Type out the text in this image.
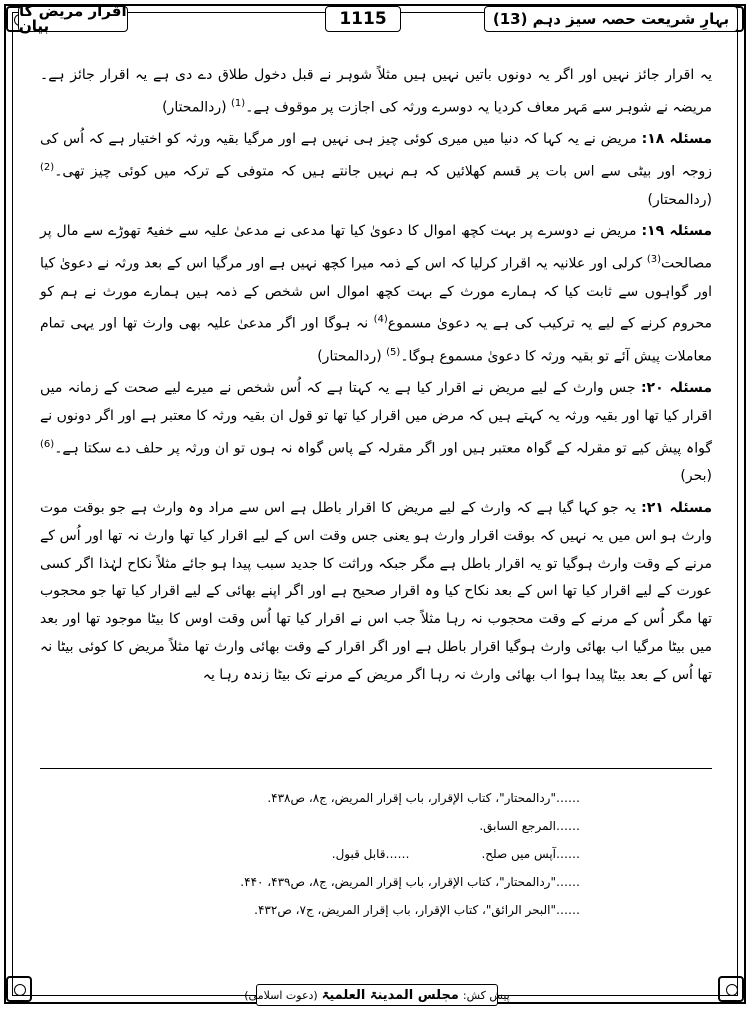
بہارِ شریعت حصہ سیز دہم (13)
1115
اقرار مریض کا بیان

یہ اقرار جائز نہیں اور اگر یہ دونوں باتیں نہیں ہیں مثلاً شوہر نے قبل دخول طلاق دے دی ہے یہ اقرار جائز ہے۔ مریضہ نے شوہر سے مَہر معاف کردیا یہ دوسرے ورثہ کی اجازت پر موقوف ہے۔$^{(1)}$ (ردالمحتار)

مسئلہ ۱۸: مریض نے یہ کہا کہ دنیا میں میری کوئی چیز ہی نہیں ہے اور مرگیا بقیہ ورثہ کو اختیار ہے کہ اُس کی زوجہ اور بیٹی سے اس بات پر قسم کھلائیں کہ ہم نہیں جانتے ہیں کہ متوفی کے ترکہ میں کوئی چیز تھی۔$^{(2)}$ (ردالمحتار)

مسئلہ ۱۹: مریض نے دوسرے پر بہت کچھ اموال کا دعویٰ کیا تھا مدعی نے مدعیٰ علیہ سے خفیۃً تھوڑے سے مال پر مصالحت$^{(3)}$ کرلی اور علانیہ یہ اقرار کرلیا کہ اس کے ذمہ میرا کچھ نہیں ہے اور مرگیا اس کے بعد ورثہ نے دعویٰ کیا اور گواہوں سے ثابت کیا کہ ہمارے مورث کے بہت کچھ اموال اس شخص کے ذمہ ہیں ہمارے مورث نے ہم کو محروم کرنے کے لیے یہ ترکیب کی ہے یہ دعویٰ مسموع$^{(4)}$ نہ ہوگا اور اگر مدعیٰ علیہ بھی وارث تھا اور یہی تمام معاملات پیش آئے تو بقیہ ورثہ کا دعویٰ مسموع ہوگا۔$^{(5)}$ (ردالمحتار)

مسئلہ ۲۰: جس وارث کے لیے مریض نے اقرار کیا ہے یہ کہتا ہے کہ اُس شخص نے میرے لیے صحت کے زمانہ میں اقرار کیا تھا اور بقیہ ورثہ یہ کہتے ہیں کہ مرض میں اقرار کیا تھا تو قول ان بقیہ ورثہ کا معتبر ہے اور اگر دونوں نے گواہ پیش کیے تو مقرلہ کے گواہ معتبر ہیں اور اگر مقرلہ کے پاس گواہ نہ ہوں تو ان ورثہ پر حلف دے سکتا ہے۔$^{(6)}$ (بحر)

مسئلہ ۲۱: یہ جو کہا گیا ہے کہ وارث کے لیے مریض کا اقرار باطل ہے اس سے مراد وہ وارث ہے جو بوقت موت وارث ہو اس میں یہ نہیں کہ بوقت اقرار وارث ہو یعنی جس وقت اس کے لیے اقرار کیا تھا وارث نہ تھا اور اُس کے مرنے کے وقت وارث ہوگیا تو یہ اقرار باطل ہے مگر جبکہ وراثت کا جدید سبب پیدا ہو جائے مثلاً نکاح لہٰذا اگر کسی عورت کے لیے اقرار کیا تھا اس کے بعد نکاح کیا وہ اقرار صحیح ہے اور اگر اپنے بھائی کے لیے اقرار کیا تھا جو محجوب تھا مگر اُس کے مرنے کے وقت محجوب نہ رہا مثلاً جب اس نے اقرار کیا تھا اُس وقت اوس کا بیٹا موجود تھا اور بعد میں بیٹا مرگیا اب بھائی وارث ہوگیا اقرار باطل ہے اور اگر اقرار کے وقت بھائی وارث تھا مثلاً مریض کا کوئی بیٹا نہ تھا اُس کے بعد بیٹا پیدا ہوا اب بھائی وارث نہ رہا اگر مریض کے مرنے تک بیٹا زندہ رہا یہ

……"ردالمحتار"، کتاب الإقرار، باب إقرار المریض، ج۸، ص۴۳۸.
……المرجع السابق.
……آپس میں صلح.……قابل قبول.
……"ردالمحتار"، کتاب الإقرار، باب إقرار المریض، ج۸، ص۴۳۹، ۴۴۰.
……"البحر الرائق"، کتاب الإقرار، باب إقرار المریض، ج۷، ص۴۳۲.
پیش کش:
مجلس المدینۃ العلمیۃ
(دعوت اسلامی)
